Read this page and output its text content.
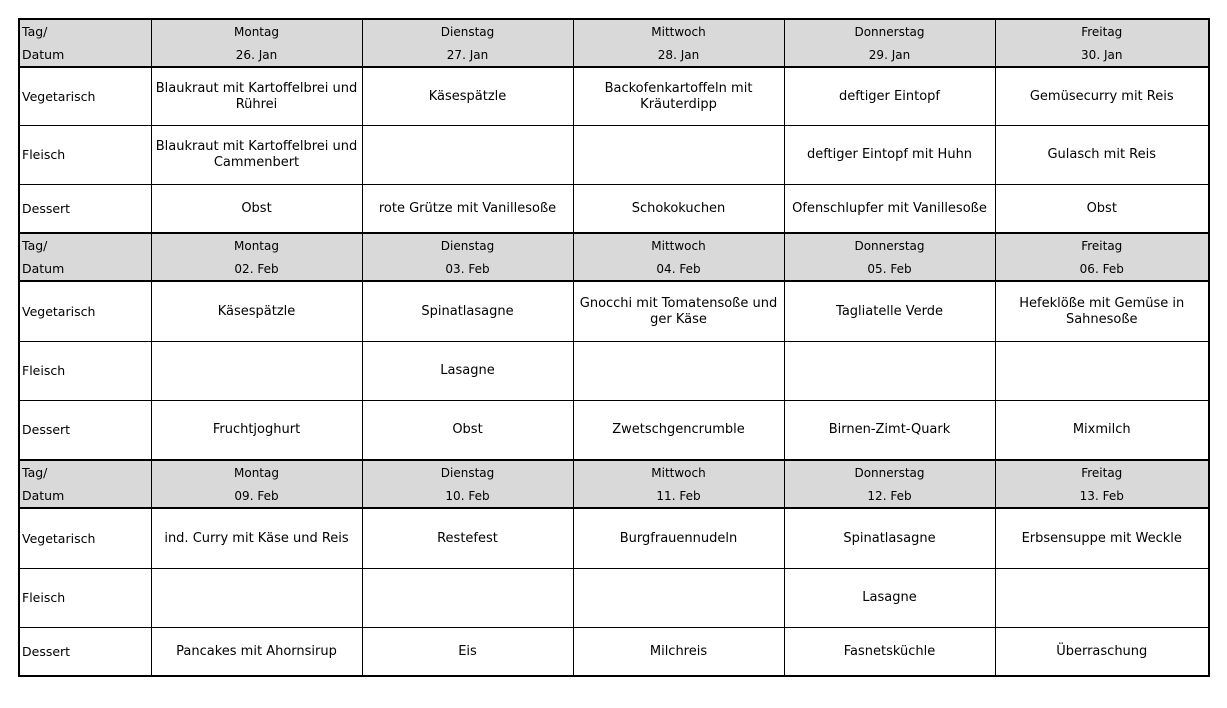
Tag/	Montag	Dienstag	Mittwoch	Donnerstag	Freitag
Datum	26. Jan	27. Jan	28. Jan	29. Jan	30. Jan
Vegetarisch	Blaukraut mit Kartoffelbrei und Rührei	Käsespätzle	Backofenkartoffeln mit Kräuterdipp	deftiger Eintopf	Gemüsecurry mit Reis
Fleisch	Blaukraut mit Kartoffelbrei und Cammenbert			deftiger Eintopf mit Huhn	Gulasch mit Reis
Dessert	Obst	rote Grütze mit Vanillesoße	Schokokuchen	Ofenschlupfer mit Vanillesoße	Obst
Tag/	Montag	Dienstag	Mittwoch	Donnerstag	Freitag
Datum	02. Feb	03. Feb	04. Feb	05. Feb	06. Feb
Vegetarisch	Käsespätzle	Spinatlasagne	Gnocchi mit Tomatensoße und ger Käse	Tagliatelle Verde	Hefeklöße mit Gemüse in Sahnesoße
Fleisch		Lasagne			
Dessert	Fruchtjoghurt	Obst	Zwetschgencrumble	Birnen-Zimt-Quark	Mixmilch
Tag/	Montag	Dienstag	Mittwoch	Donnerstag	Freitag
Datum	09. Feb	10. Feb	11. Feb	12. Feb	13. Feb
Vegetarisch	ind. Curry mit Käse und Reis	Restefest	Burgfrauennudeln	Spinatlasagne	Erbsensuppe mit Weckle
Fleisch				Lasagne	
Dessert	Pancakes mit Ahornsirup	Eis	Milchreis	Fasnetsküchle	Überraschung
